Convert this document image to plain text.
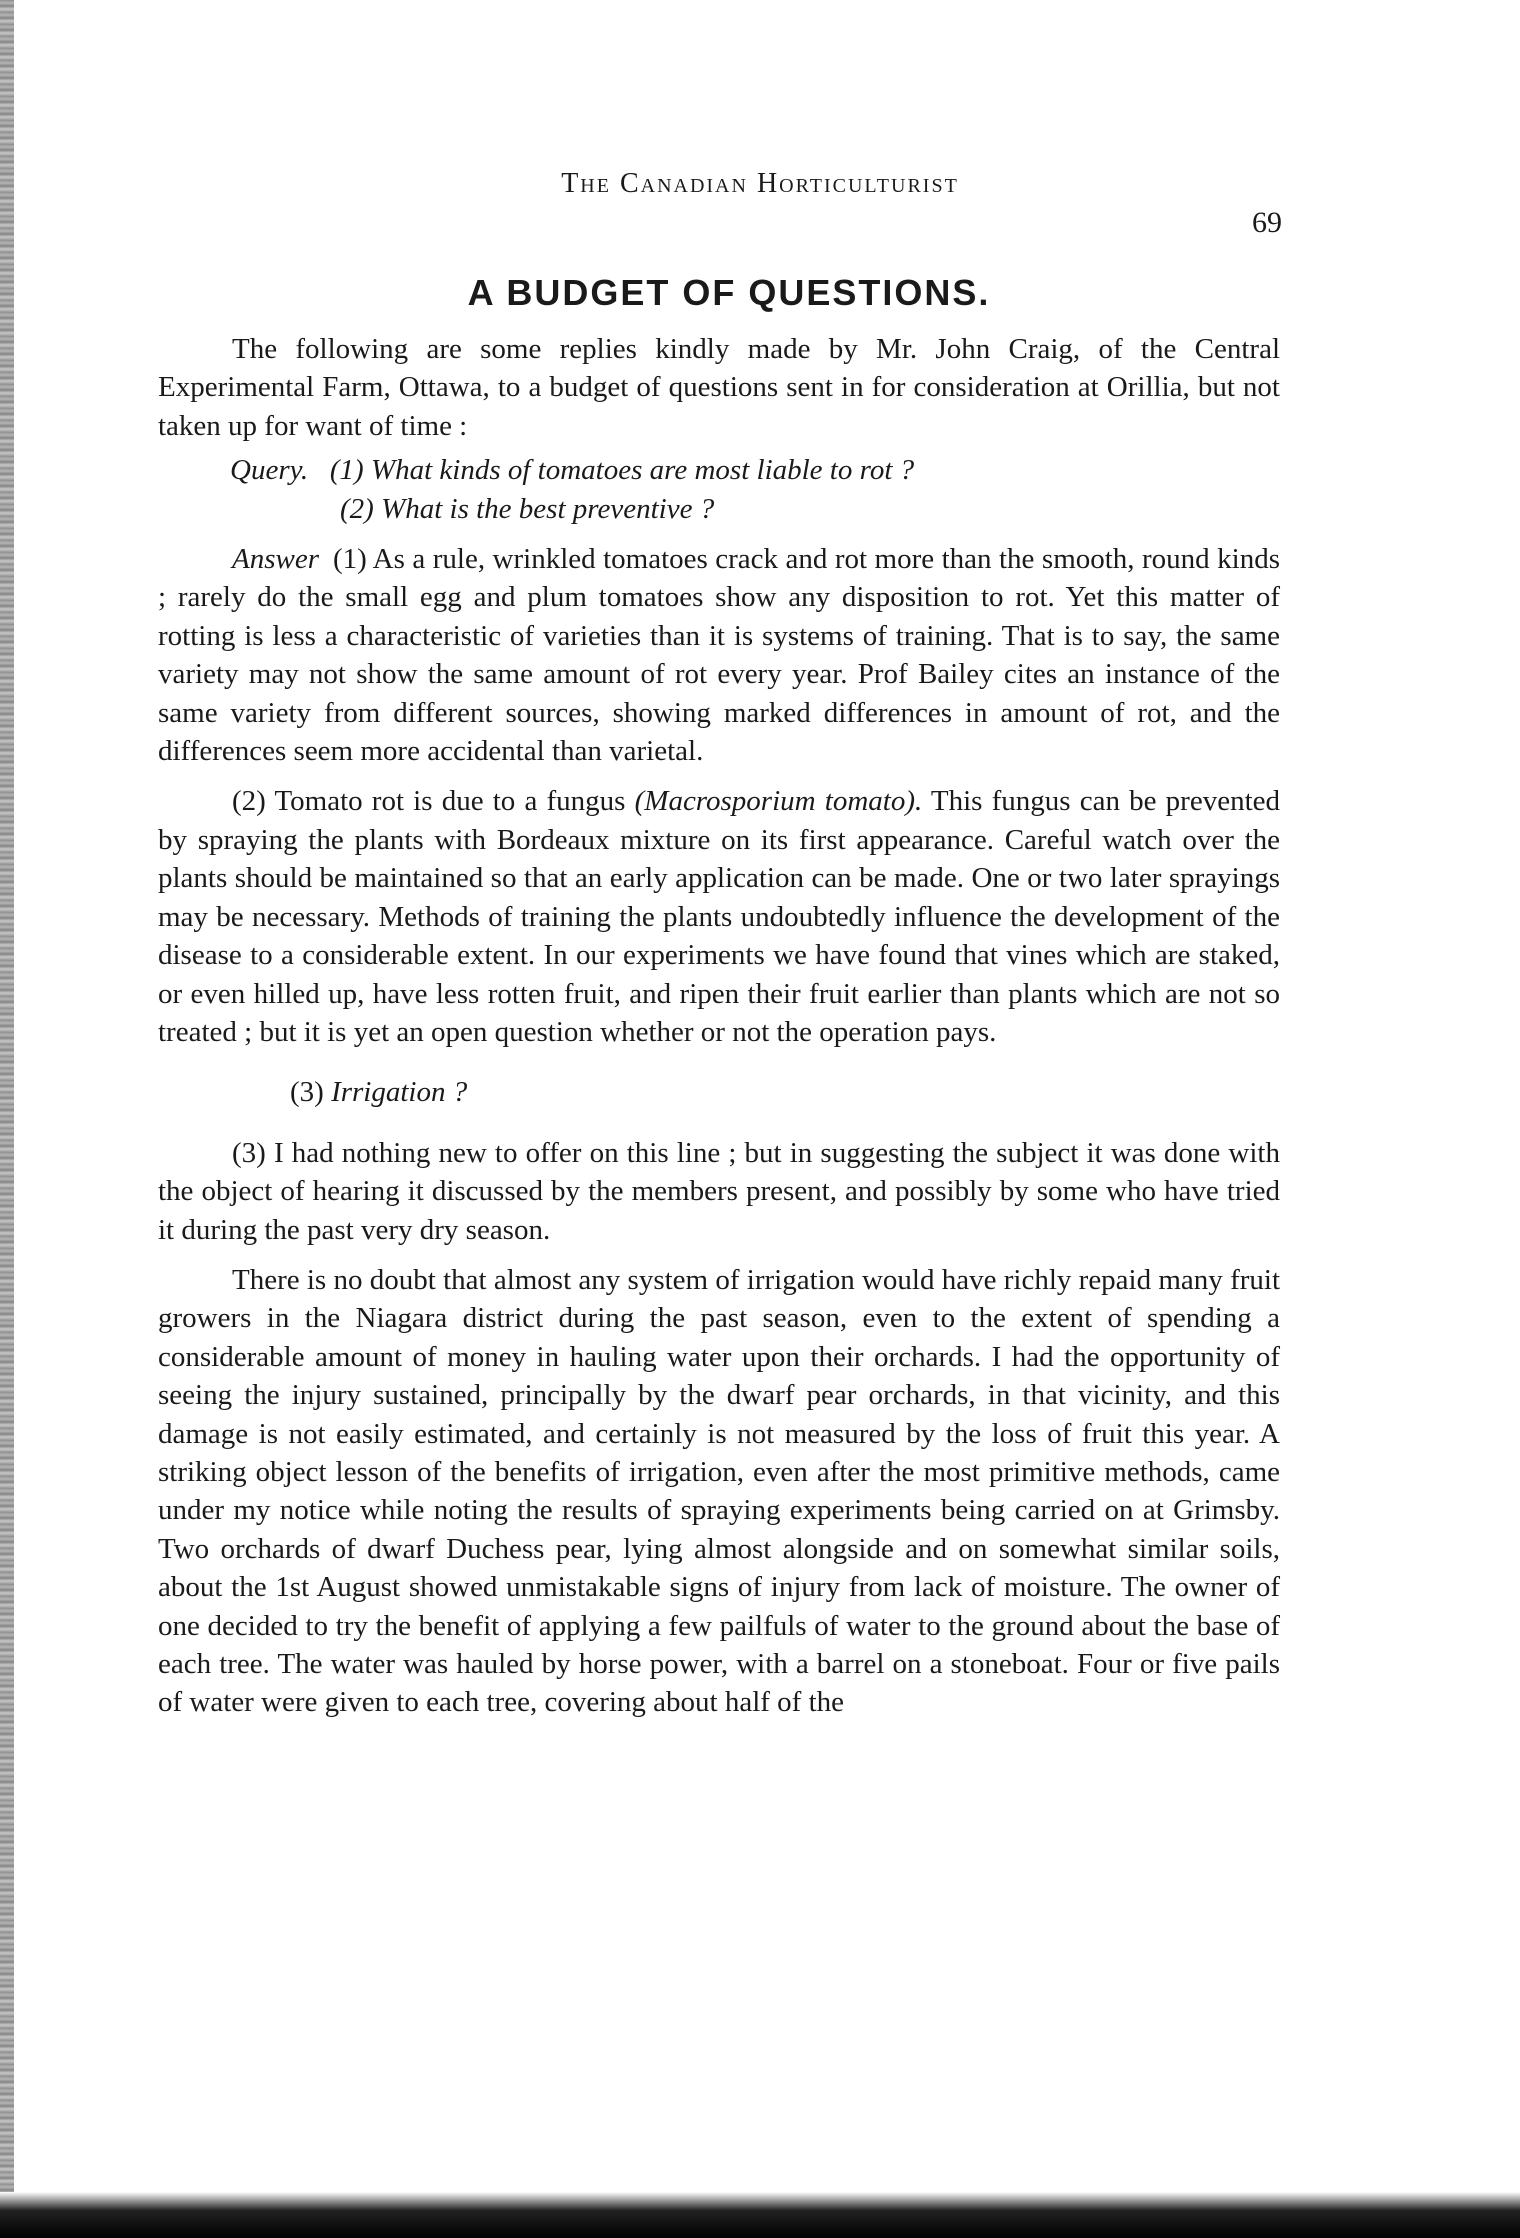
The Canadian Horticulturist
69
A BUDGET OF QUESTIONS.

The following are some replies kindly made by Mr. John Craig, of the Central Experimental Farm, Ottawa, to a budget of questions sent in for consideration at Orillia, but not taken up for want of time :

Query. (1) What kinds of tomatoes are most liable to rot ?
(2) What is the best preventive ?

Answer (1) As a rule, wrinkled tomatoes crack and rot more than the smooth, round kinds ; rarely do the small egg and plum tomatoes show any disposition to rot. Yet this matter of rotting is less a characteristic of varieties than it is systems of training. That is to say, the same variety may not show the same amount of rot every year. Prof Bailey cites an instance of the same variety from different sources, showing marked differences in amount of rot, and the differences seem more accidental than varietal.

(2) Tomato rot is due to a fungus (Macrosporium tomato). This fungus can be prevented by spraying the plants with Bordeaux mixture on its first appearance. Careful watch over the plants should be maintained so that an early application can be made. One or two later sprayings may be necessary. Methods of training the plants undoubtedly influence the development of the disease to a considerable extent. In our experiments we have found that vines which are staked, or even hilled up, have less rotten fruit, and ripen their fruit earlier than plants which are not so treated ; but it is yet an open question whether or not the operation pays.

(3) Irrigation ?

(3) I had nothing new to offer on this line ; but in suggesting the subject it was done with the object of hearing it discussed by the members present, and possibly by some who have tried it during the past very dry season.

There is no doubt that almost any system of irrigation would have richly repaid many fruit growers in the Niagara district during the past season, even to the extent of spending a considerable amount of money in hauling water upon their orchards. I had the opportunity of seeing the injury sustained, principally by the dwarf pear orchards, in that vicinity, and this damage is not easily estimated, and certainly is not measured by the loss of fruit this year. A striking object lesson of the benefits of irrigation, even after the most primitive methods, came under my notice while noting the results of spraying experiments being carried on at Grimsby. Two orchards of dwarf Duchess pear, lying almost alongside and on somewhat similar soils, about the 1st August showed unmistakable signs of injury from lack of moisture. The owner of one decided to try the benefit of applying a few pailfuls of water to the ground about the base of each tree. The water was hauled by horse power, with a barrel on a stoneboat. Four or five pails of water were given to each tree, covering about half of the
